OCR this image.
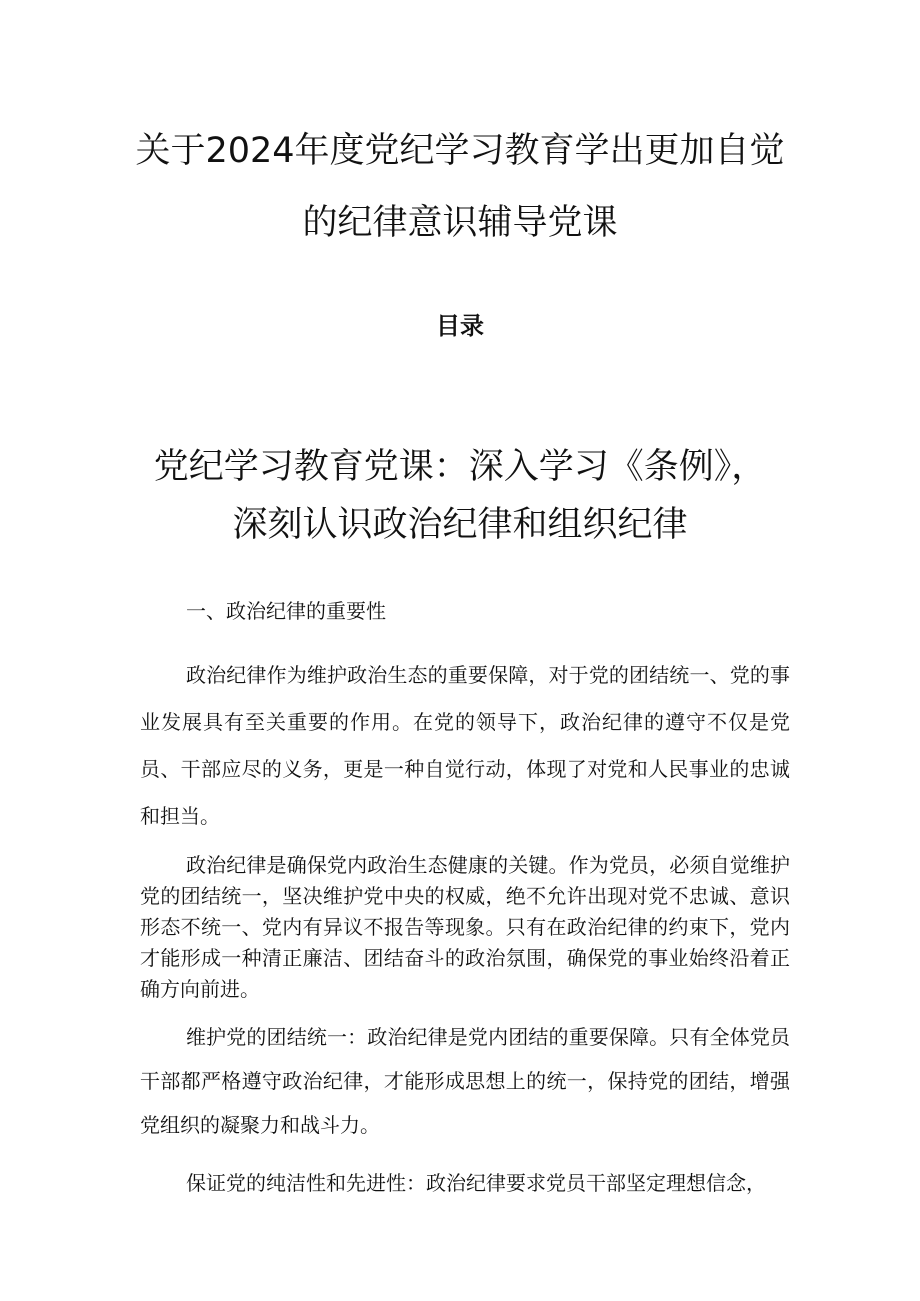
关于2024年度党纪学习教育学出更加自觉
的纪律意识辅导党课
目录
党纪学习教育党课：深入学习《条例》，
深刻认识政治纪律和组织纪律
一、政治纪律的重要性

政治纪律作为维护政治生态的重要保障，对于党的团结统一、党的事业发展具有至关重要的作用。在党的领导下，政治纪律的遵守不仅是党员、干部应尽的义务，更是一种自觉行动，体现了对党和人民事业的忠诚和担当。

政治纪律是确保党内政治生态健康的关键。作为党员，必须自觉维护党的团结统一，坚决维护党中央的权威，绝不允许出现对党不忠诚、意识形态不统一、党内有异议不报告等现象。只有在政治纪律的约束下，党内才能形成一种清正廉洁、团结奋斗的政治氛围，确保党的事业始终沿着正确方向前进。

维护党的团结统一：政治纪律是党内团结的重要保障。只有全体党员干部都严格遵守政治纪律，才能形成思想上的统一，保持党的团结，增强党组织的凝聚力和战斗力。

保证党的纯洁性和先进性：政治纪律要求党员干部坚定理想信念，
